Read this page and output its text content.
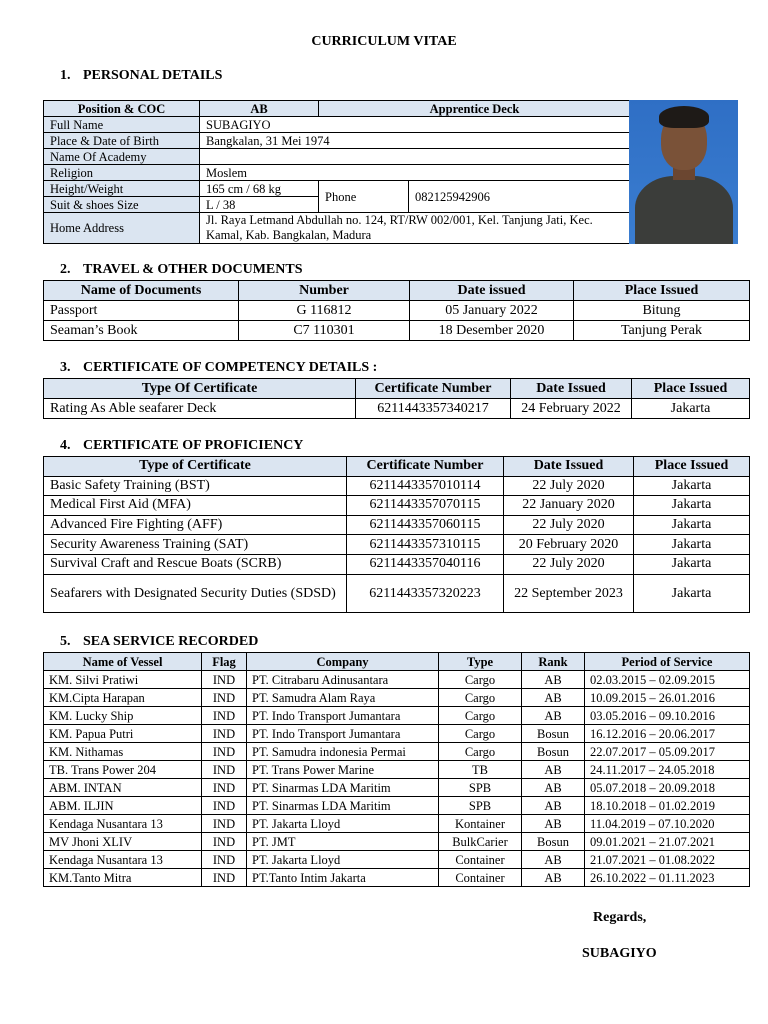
CURRICULUM VITAE
1. PERSONAL DETAILS
Position & COC	AB	Apprentice Deck	
Full Name	SUBAGIYO		
Place & Date of Birth	Bangkalan, 31 Mei 1974		
Name Of Academy			
Religion	Moslem		
Height/Weight	165 cm / 68 kg	Phone	082125942906
Suit & shoes Size	L / 38		
Home Address	Jl. Raya Letmand Abdullah no. 124, RT/RW 002/001, Kel. Tanjung Jati, Kec. Kamal, Kab. Bangkalan, Madura		
2. TRAVEL & OTHER DOCUMENTS
Name of Documents	Number	Date issued	Place Issued
Passport	G 116812	05 January 2022	Bitung
Seaman’s Book	C7 110301	18 Desember 2020	Tanjung Perak
3. CERTIFICATE OF COMPETENCY DETAILS :
Type Of Certificate	Certificate Number	Date Issued	Place Issued
Rating As Able seafarer Deck	6211443357340217	24 February 2022	Jakarta
4. CERTIFICATE OF PROFICIENCY
Type of Certificate	Certificate Number	Date Issued	Place Issued
Basic Safety Training (BST)	6211443357010114	22 July 2020	Jakarta
Medical First Aid (MFA)	6211443357070115	22 January 2020	Jakarta
Advanced Fire Fighting (AFF)	6211443357060115	22 July 2020	Jakarta
Security Awareness Training (SAT)	6211443357310115	20 February 2020	Jakarta
Survival Craft and Rescue Boats (SCRB)	6211443357040116	22 July 2020	Jakarta
Seafarers with Designated Security Duties (SDSD)	6211443357320223	22 September 2023	Jakarta
5. SEA SERVICE RECORDED
Name of Vessel	Flag	Company	Type	Rank	Period of Service
KM. Silvi Pratiwi	IND	PT. Citrabaru Adinusantara	Cargo	AB	02.03.2015 – 02.09.2015
KM.Cipta Harapan	IND	PT. Samudra Alam Raya	Cargo	AB	10.09.2015 – 26.01.2016
KM. Lucky Ship	IND	PT. Indo Transport Jumantara	Cargo	AB	03.05.2016 – 09.10.2016
KM. Papua Putri	IND	PT. Indo Transport Jumantara	Cargo	Bosun	16.12.2016 – 20.06.2017
KM. Nithamas	IND	PT. Samudra indonesia Permai	Cargo	Bosun	22.07.2017 – 05.09.2017
TB. Trans Power 204	IND	PT. Trans Power Marine	TB	AB	24.11.2017 – 24.05.2018
ABM. INTAN	IND	PT. Sinarmas LDA Maritim	SPB	AB	05.07.2018 – 20.09.2018
ABM. ILJIN	IND	PT. Sinarmas LDA Maritim	SPB	AB	18.10.2018 – 01.02.2019
Kendaga Nusantara 13	IND	PT. Jakarta Lloyd	Kontainer	AB	11.04.2019 – 07.10.2020
MV Jhoni XLIV	IND	PT. JMT	BulkCarier	Bosun	09.01.2021 – 21.07.2021
Kendaga Nusantara 13	IND	PT. Jakarta Lloyd	Container	AB	21.07.2021 – 01.08.2022
KM.Tanto Mitra	IND	PT.Tanto Intim Jakarta	Container	AB	26.10.2022 – 01.11.2023
Regards,
SUBAGIYO
